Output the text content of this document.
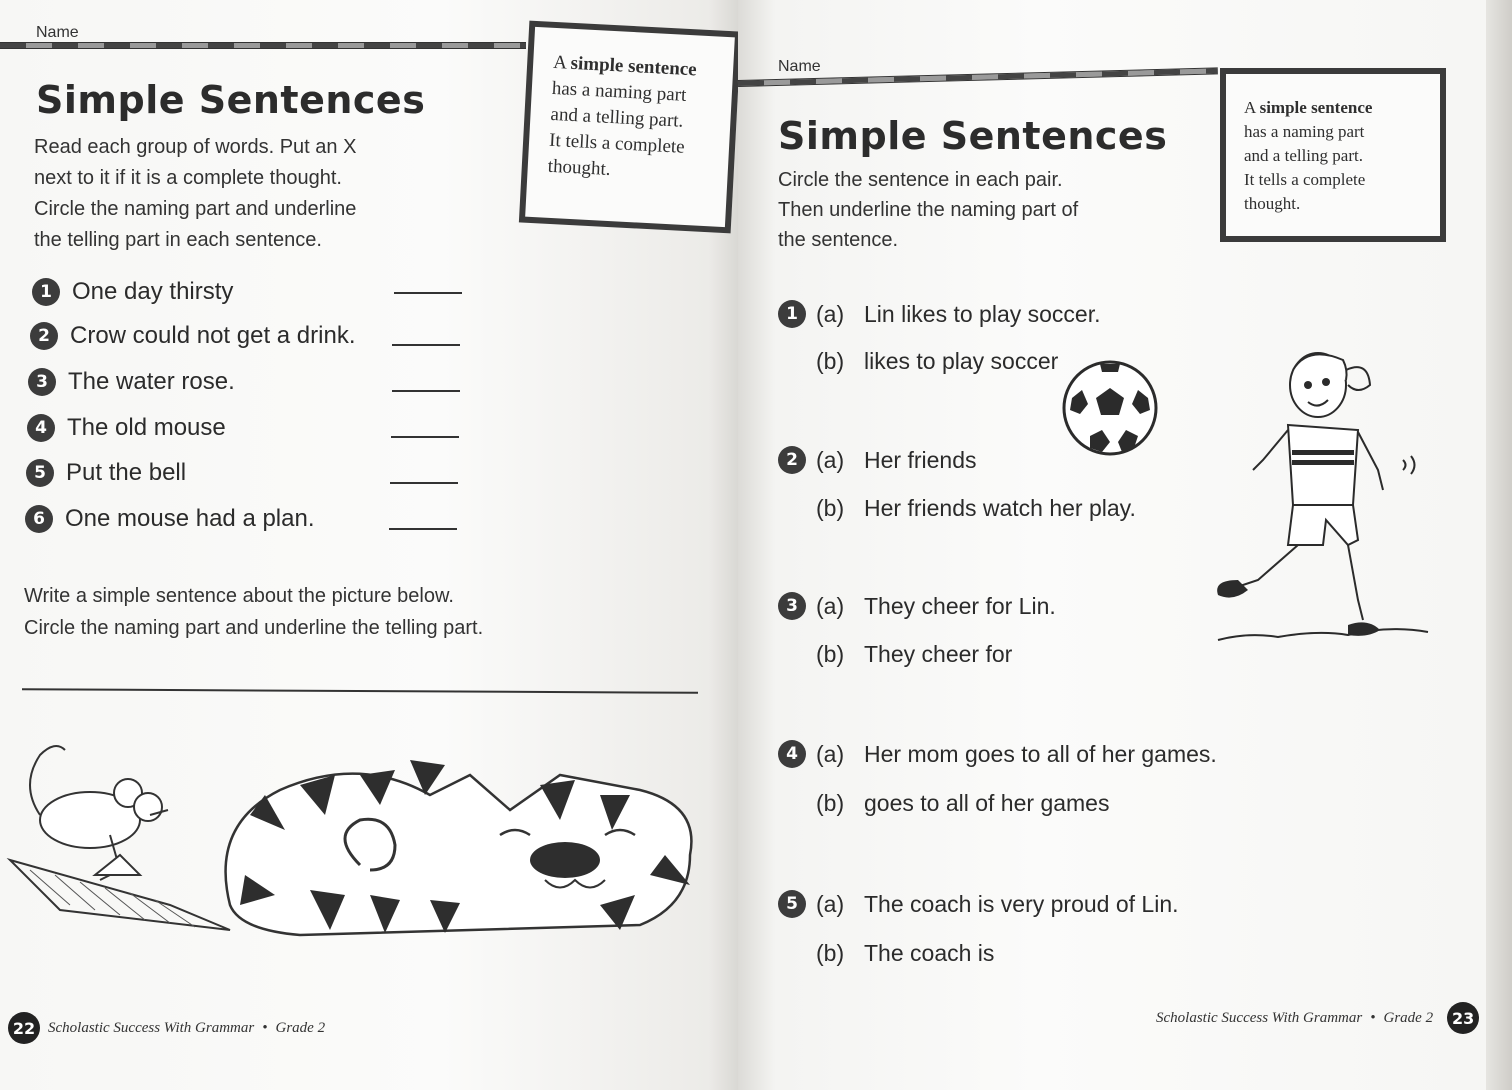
Name
Simple Sentences
Read each group of words. Put an X
next to it if it is a complete thought.
Circle the naming part and underline
the telling part in each sentence.
A simple sentence
has a naming part
and a telling part.
It tells a complete
thought.
1 One day thirsty
2 Crow could not get a drink.
3 The water rose.
4 The old mouse
5 Put the bell
6 One mouse had a plan.
Write a simple sentence about the picture below.
Circle the naming part and underline the telling part.
22 Scholastic Success With Grammar • Grade 2
Name
Simple Sentences
Circle the sentence in each pair.
Then underline the naming part of
the sentence.
A simple sentence
has a naming part
and a telling part.
It tells a complete
thought.
1 (a) Lin likes to play soccer.
(b) likes to play soccer
2 (a) Her friends
(b) Her friends watch her play.
3 (a) They cheer for Lin.
(b) They cheer for
4 (a) Her mom goes to all of her games.
(b) goes to all of her games
5 (a) The coach is very proud of Lin.
(b) The coach is
Scholastic Success With Grammar • Grade 2	23
